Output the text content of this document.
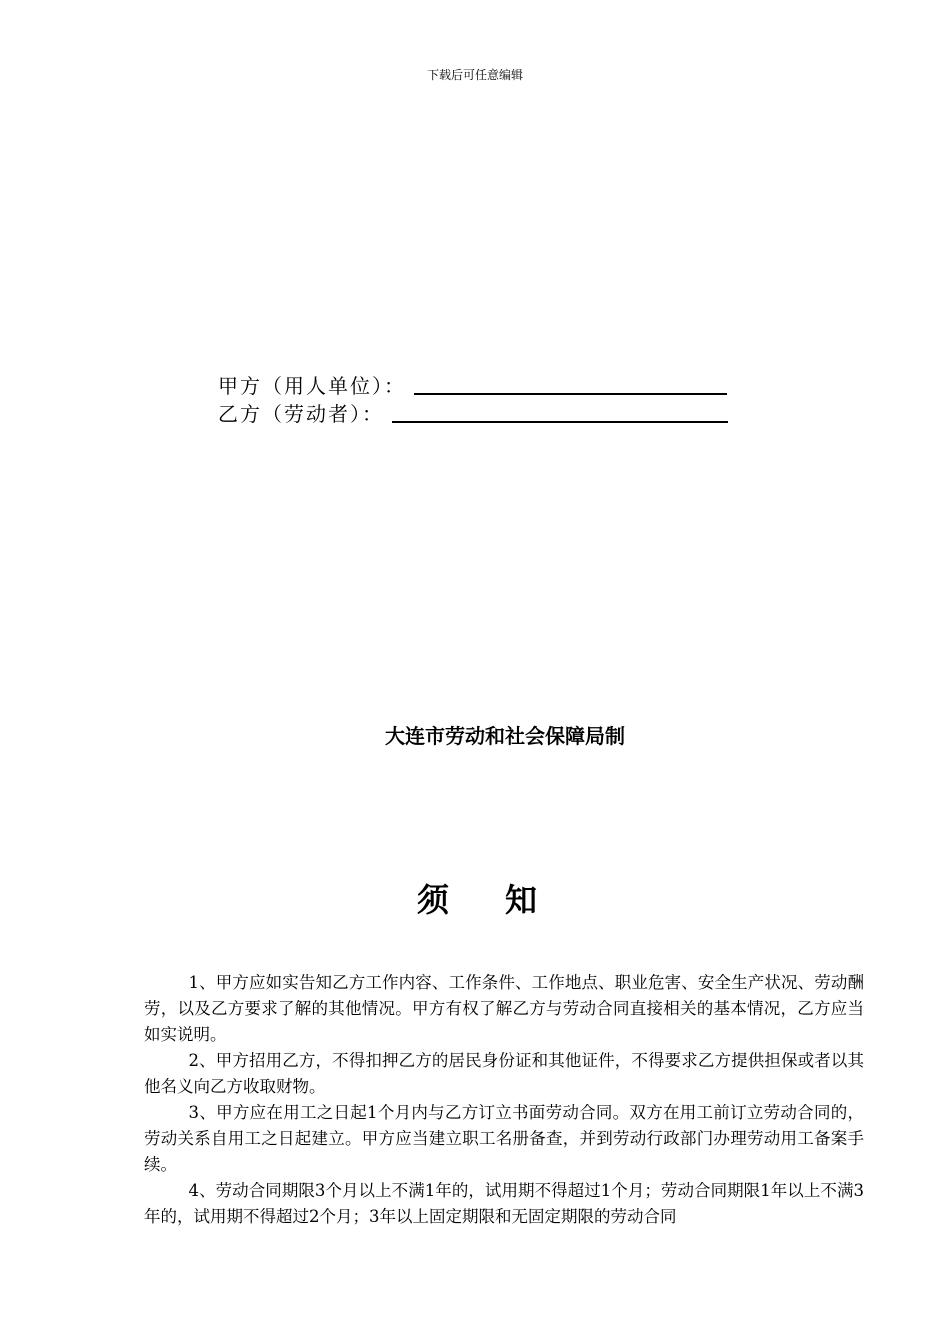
下载后可任意编辑
甲方（用人单位）：
乙方（劳动者）：
大连市劳动和社会保障局制
须知

1、甲方应如实告知乙方工作内容、工作条件、工作地点、职业危害、安全生产状况、劳动酬劳，以及乙方要求了解的其他情况。甲方有权了解乙方与劳动合同直接相关的基本情况，乙方应当如实说明。

2、甲方招用乙方，不得扣押乙方的居民身份证和其他证件，不得要求乙方提供担保或者以其他名义向乙方收取财物。

3、甲方应在用工之日起1个月内与乙方订立书面劳动合同。双方在用工前订立劳动合同的，劳动关系自用工之日起建立。甲方应当建立职工名册备查，并到劳动行政部门办理劳动用工备案手续。

4、劳动合同期限3个月以上不满1年的，试用期不得超过1个月；劳动合同期限1年以上不满3年的，试用期不得超过2个月；3年以上固定期限和无固定期限的劳动合同
